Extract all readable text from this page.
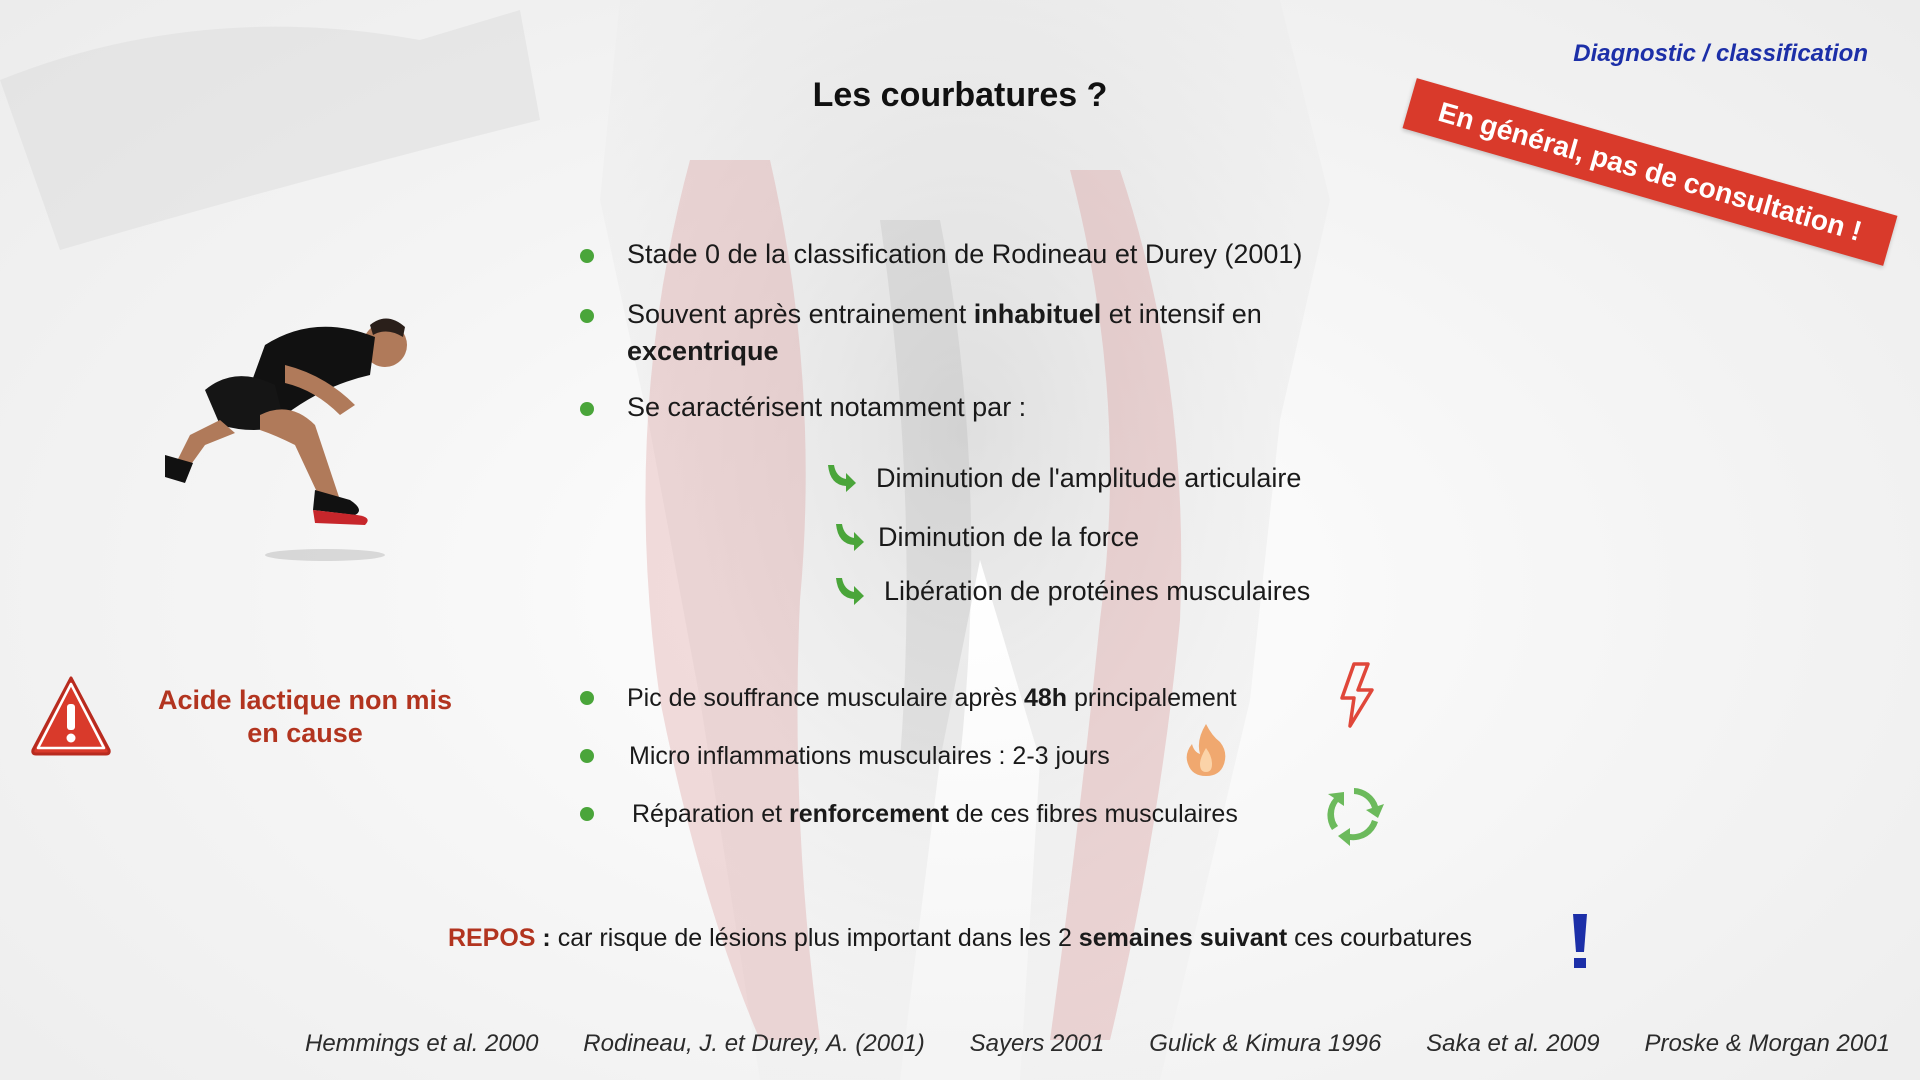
Diagnostic / classification
Les courbatures ?
En général, pas de consultation !
Stade 0 de la classification de Rodineau et Durey (2001)
Souvent après entrainement inhabituel et intensif en
excentrique
Se caractérisent notamment par :
Diminution de l'amplitude articulaire
Diminution de la force
Libération de protéines musculaires
Acide lactique non mis
en cause
Pic de souffrance musculaire après 48h principalement
Micro inflammations musculaires : 2-3 jours
Réparation et renforcement de ces fibres musculaires
REPOS : car risque de lésions plus important dans les 2 semaines suivant ces courbatures
Hemmings et al. 2000 Rodineau, J. et Durey, A. (2001) Sayers 2001 Gulick & Kimura 1996 Saka et al. 2009 Proske & Morgan 2001
